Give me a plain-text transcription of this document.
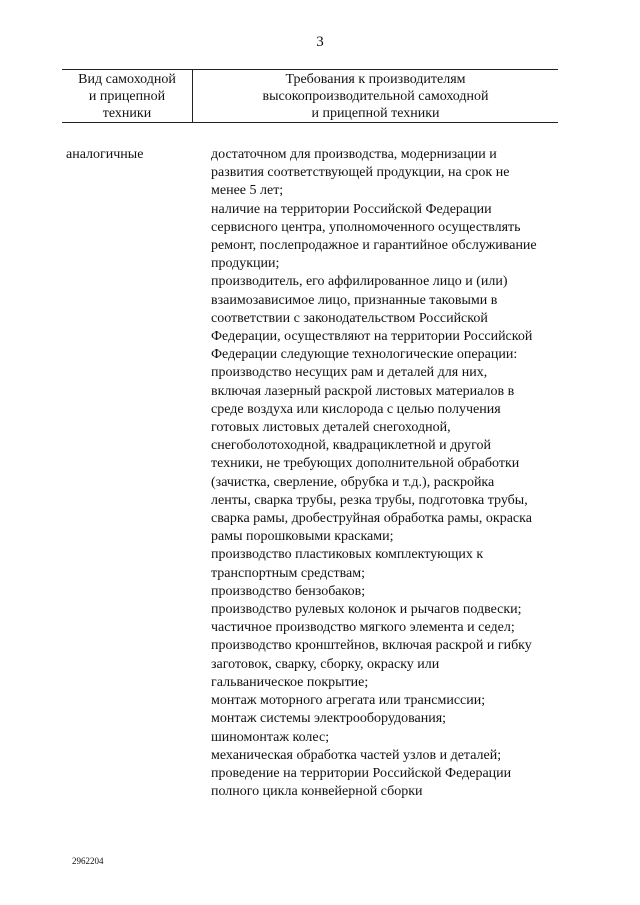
3
Вид самоходной
и прицепной
техники
Требования к производителям
высокопроизводительной самоходной
и прицепной техники
аналогичные	достаточном для производства, модернизации и
развития соответствующей продукции, на срок не
менее 5 лет;
наличие на территории Российской Федерации
сервисного центра, уполномоченного осуществлять
ремонт, послепродажное и гарантийное обслуживание
продукции;
производитель, его аффилированное лицо и (или)
взаимозависимое лицо, признанные таковыми в
соответствии с законодательством Российской
Федерации, осуществляют на территории Российской
Федерации следующие технологические операции:
производство несущих рам и деталей для них,
включая лазерный раскрой листовых материалов в
среде воздуха или кислорода с целью получения
готовых листовых деталей снегоходной,
снегоболотоходной, квадрациклетной и другой
техники, не требующих дополнительной обработки
(зачистка, сверление, обрубка и т.д.), раскройка
ленты, сварка трубы, резка трубы, подготовка трубы,
сварка рамы, дробеструйная обработка рамы, окраска
рамы порошковыми красками;
производство пластиковых комплектующих к
транспортным средствам;
производство бензобаков;
производство рулевых колонок и рычагов подвески;
частичное производство мягкого элемента и седел;
производство кронштейнов, включая раскрой и гибку
заготовок, сварку, сборку, окраску или
гальваническое покрытие;
монтаж моторного агрегата или трансмиссии;
монтаж системы электрооборудования;
шиномонтаж колес;
механическая обработка частей узлов и деталей;
проведение на территории Российской Федерации
полного цикла конвейерной сборки
2962204
